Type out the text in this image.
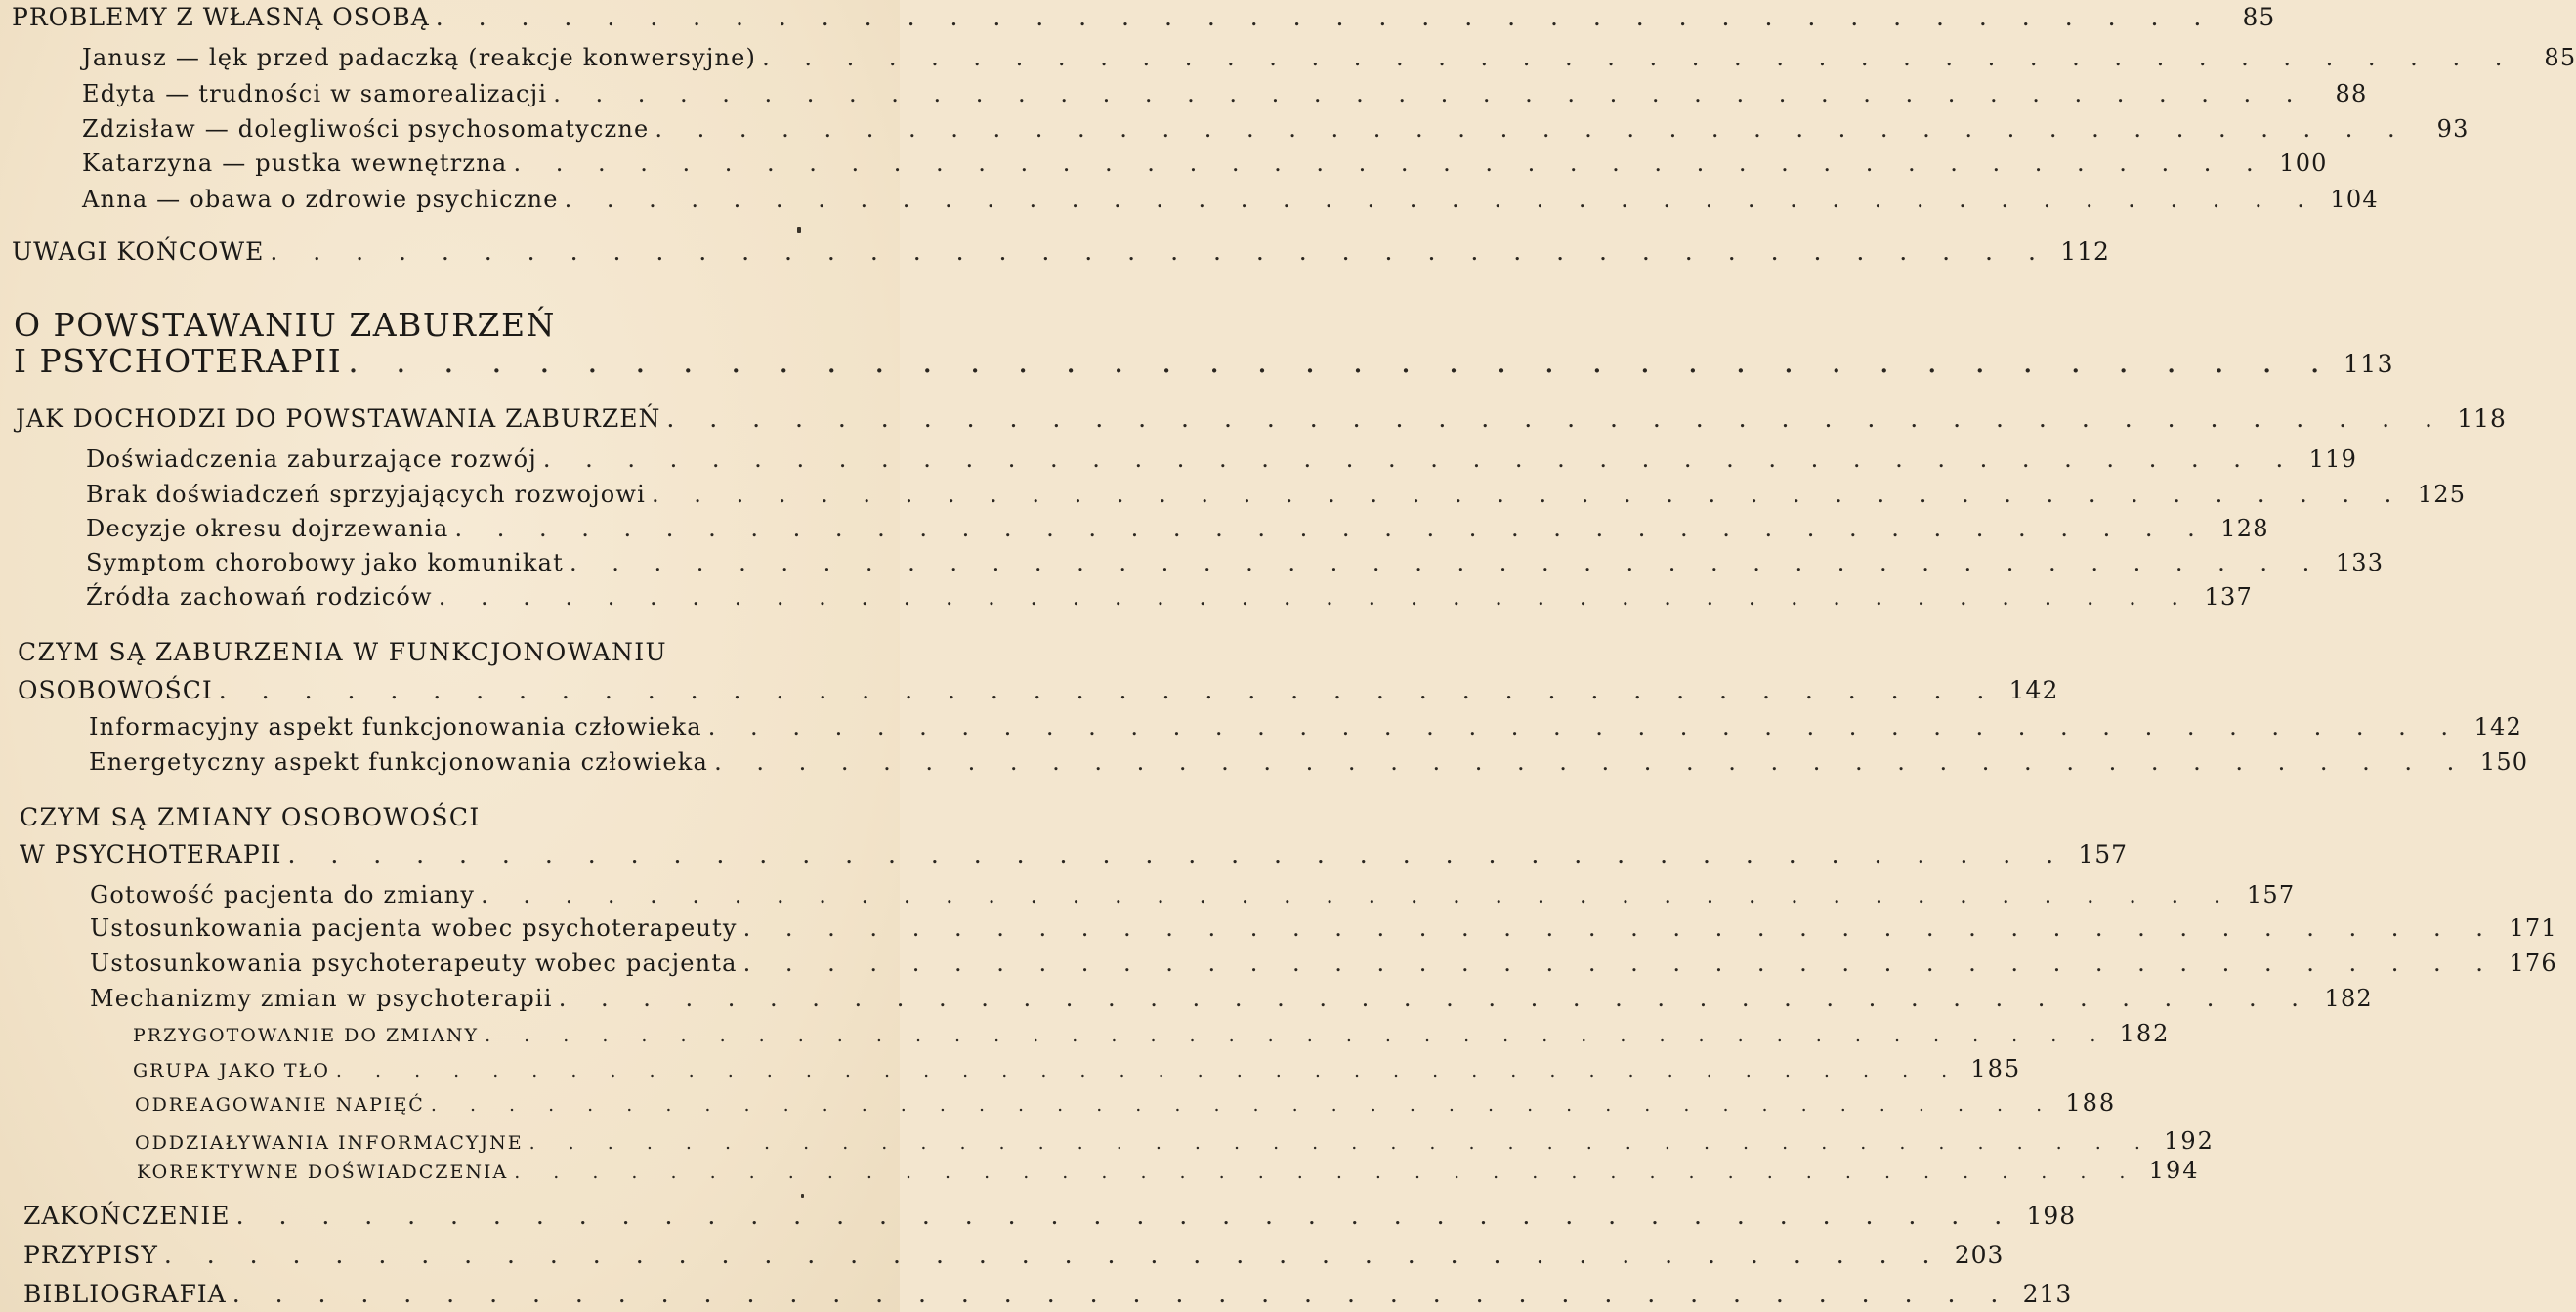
PROBLEMY Z WŁASNĄ OSOBĄ . . . . . . . . . . . . . . . . . . . . . . . . . . . . . . . . . . . . . . . . . .	85
Janusz — lęk przed padaczką (reakcje konwersyjne) . . . . . . . . . . . . . . . . . . . . . . . . . . . . . . . . . . . . . . . . . .	85
Edyta — trudności w samorealizacji . . . . . . . . . . . . . . . . . . . . . . . . . . . . . . . . . . . . . . . . . .	88
Zdzisław — dolegliwości psychosomatyczne . . . . . . . . . . . . . . . . . . . . . . . . . . . . . . . . . . . . . . . . . .	93
Katarzyna — pustka wewnętrzna . . . . . . . . . . . . . . . . . . . . . . . . . . . . . . . . . . . . . . . . . . 100
Anna — obawa o zdrowie psychiczne . . . . . . . . . . . . . . . . . . . . . . . . . . . . . . . . . . . . . . . . . . 104
UWAGI KOŃCOWE . . . . . . . . . . . . . . . . . . . . . . . . . . . . . . . . . . . . . . . . . . 112
O POWSTAWANIU ZABURZEŃ
I PSYCHOTERAPII . . . . . . . . . . . . . . . . . . . . . . . . . . . . . . . . . . . . . . . . . . 113
JAK DOCHODZI DO POWSTAWANIA ZABURZEŃ . . . . . . . . . . . . . . . . . . . . . . . . . . . . . . . . . . . . . . . . . . 118
Doświadczenia zaburzające rozwój . . . . . . . . . . . . . . . . . . . . . . . . . . . . . . . . . . . . . . . . . . 119
Brak doświadczeń sprzyjających rozwojowi . . . . . . . . . . . . . . . . . . . . . . . . . . . . . . . . . . . . . . . . . . 125
Decyzje okresu dojrzewania . . . . . . . . . . . . . . . . . . . . . . . . . . . . . . . . . . . . . . . . . . 128
Symptom chorobowy jako komunikat . . . . . . . . . . . . . . . . . . . . . . . . . . . . . . . . . . . . . . . . . . 133
Źródła zachowań rodziców . . . . . . . . . . . . . . . . . . . . . . . . . . . . . . . . . . . . . . . . . . 137
CZYM SĄ ZABURZENIA W FUNKCJONOWANIU
OSOBOWOŚCI . . . . . . . . . . . . . . . . . . . . . . . . . . . . . . . . . . . . . . . . . . 142
Informacyjny aspekt funkcjonowania człowieka . . . . . . . . . . . . . . . . . . . . . . . . . . . . . . . . . . . . . . . . . . 142
Energetyczny aspekt funkcjonowania człowieka . . . . . . . . . . . . . . . . . . . . . . . . . . . . . . . . . . . . . . . . . . 150
CZYM SĄ ZMIANY OSOBOWOŚCI
W PSYCHOTERAPII . . . . . . . . . . . . . . . . . . . . . . . . . . . . . . . . . . . . . . . . . . 157
Gotowość pacjenta do zmiany . . . . . . . . . . . . . . . . . . . . . . . . . . . . . . . . . . . . . . . . . . 157
Ustosunkowania pacjenta wobec psychoterapeuty . . . . . . . . . . . . . . . . . . . . . . . . . . . . . . . . . . . . . . . . . . 171
Ustosunkowania psychoterapeuty wobec pacjenta . . . . . . . . . . . . . . . . . . . . . . . . . . . . . . . . . . . . . . . . . . 176
Mechanizmy zmian w psychoterapii . . . . . . . . . . . . . . . . . . . . . . . . . . . . . . . . . . . . . . . . . . 182
PRZYGOTOWANIE DO ZMIANY . . . . . . . . . . . . . . . . . . . . . . . . . . . . . . . . . . . . . . . . . . 182
GRUPA JAKO TŁO . . . . . . . . . . . . . . . . . . . . . . . . . . . . . . . . . . . . . . . . . . 185
ODREAGOWANIE NAPIĘĆ . . . . . . . . . . . . . . . . . . . . . . . . . . . . . . . . . . . . . . . . . . 188
ODDZIAŁYWANIA INFORMACYJNE . . . . . . . . . . . . . . . . . . . . . . . . . . . . . . . . . . . . . . . . . . 192
KOREKTYWNE DOŚWIADCZENIA . . . . . . . . . . . . . . . . . . . . . . . . . . . . . . . . . . . . . . . . . . 194
ZAKOŃCZENIE . . . . . . . . . . . . . . . . . . . . . . . . . . . . . . . . . . . . . . . . . . 198
PRZYPISY . . . . . . . . . . . . . . . . . . . . . . . . . . . . . . . . . . . . . . . . . . 203
BIBLIOGRAFIA . . . . . . . . . . . . . . . . . . . . . . . . . . . . . . . . . . . . . . . . . . 213
